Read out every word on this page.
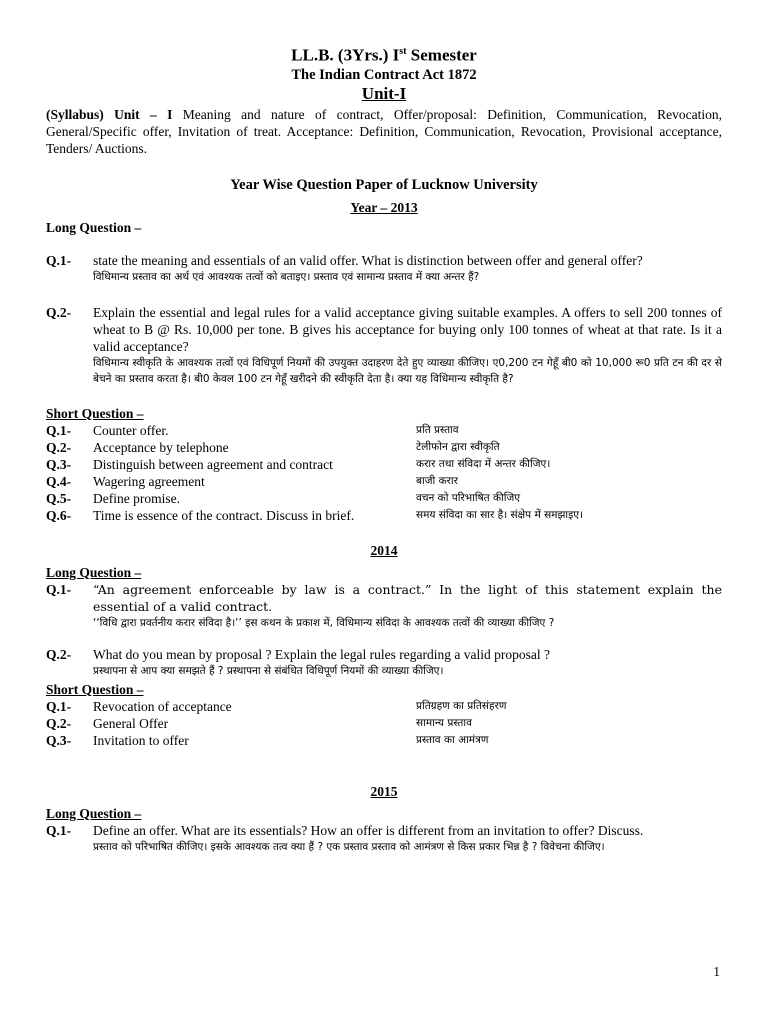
LL.B. (3Yrs.) Ist Semester
The Indian Contract Act 1872
Unit-I

(Syllabus) Unit – I Meaning and nature of contract, Offer/proposal: Definition, Communication, Revocation, General/Specific offer, Invitation of treat. Acceptance: Definition, Communication, Revocation, Provisional acceptance, Tenders/ Auctions.

Year Wise Question Paper of Lucknow University
Year – 2013
Long Question –
Q.1-	state the meaning and essentials of an valid offer. What is distinction between offer and general offer?
विधिमान्य प्रस्ताव का अर्थ एवं आवश्यक तत्वों को बताइए। प्रस्ताव एवं सामान्य प्रस्ताव में क्या अन्तर हैं?
Q.2-	Explain the essential and legal rules for a valid acceptance giving suitable examples. A offers to sell 200 tonnes of wheat to B @ Rs. 10,000 per tone. B gives his acceptance for buying only 100 tonnes of wheat at that rate. Is it a valid acceptance?
विधिमान्य स्वीकृति के आवश्यक तत्वों एवं विधिपूर्ण नियमों की उपयुक्त उदाहरण देते हुए व्याख्या कीजिए। ए0,200 टन गेहूँ बी0 को 10,000 रू0 प्रति टन की दर से बेचने का प्रस्ताव करता है। बी0 केवल 100 टन गेहूँ खरीदने की स्वीकृति देता है। क्या यह विधिमान्य स्वीकृति है?
Short Question –
Q.1-	Counter offer.	प्रति प्रस्ताव
Q.2-	Acceptance by telephone	टेलीफोन द्वारा स्वीकृति
Q.3-	Distinguish between agreement and contract	करार तथा संविदा में अन्तर कीजिए।
Q.4-	Wagering agreement	बाजी करार
Q.5-	Define promise.	वचन को परिभाषित कीजिए
Q.6-	Time is essence of the contract. Discuss in brief.	समय संविदा का सार है। संक्षेप में समझाइए।
2014
Long Question –
Q.1-	“An agreement enforceable by law is a contract.” In the light of this statement explain the essential of a valid contract.
‘‘विधि द्वारा प्रवर्तनीय करार संविदा है।’’ इस कथन के प्रकाश में, विधिमान्य संविदा के आवश्यक तत्वों की व्याख्या कीजिए ?
Q.2-	What do you mean by proposal ? Explain the legal rules regarding a valid proposal ?
प्रस्थापना से आप क्या समझते हैं ? प्रस्थापना से संबंधित विधिपूर्ण नियमों की व्याख्या कीजिए।
Short Question –
Q.1-	Revocation of acceptance	प्रतिग्रहण का प्रतिसंहरण
Q.2-	General Offer	सामान्य प्रस्ताव
Q.3-	Invitation to offer	प्रस्ताव का आमंत्रण
2015
Long Question –
Q.1-	Define an offer. What are its essentials? How an offer is different from an invitation to offer? Discuss.
प्रस्ताव को परिभाषित कीजिए। इसके आवश्यक तत्व क्या हैं ? एक प्रस्ताव प्रस्ताव को आमंत्रण से किस प्रकार भिन्न है ? विवेचना कीजिए।
1
